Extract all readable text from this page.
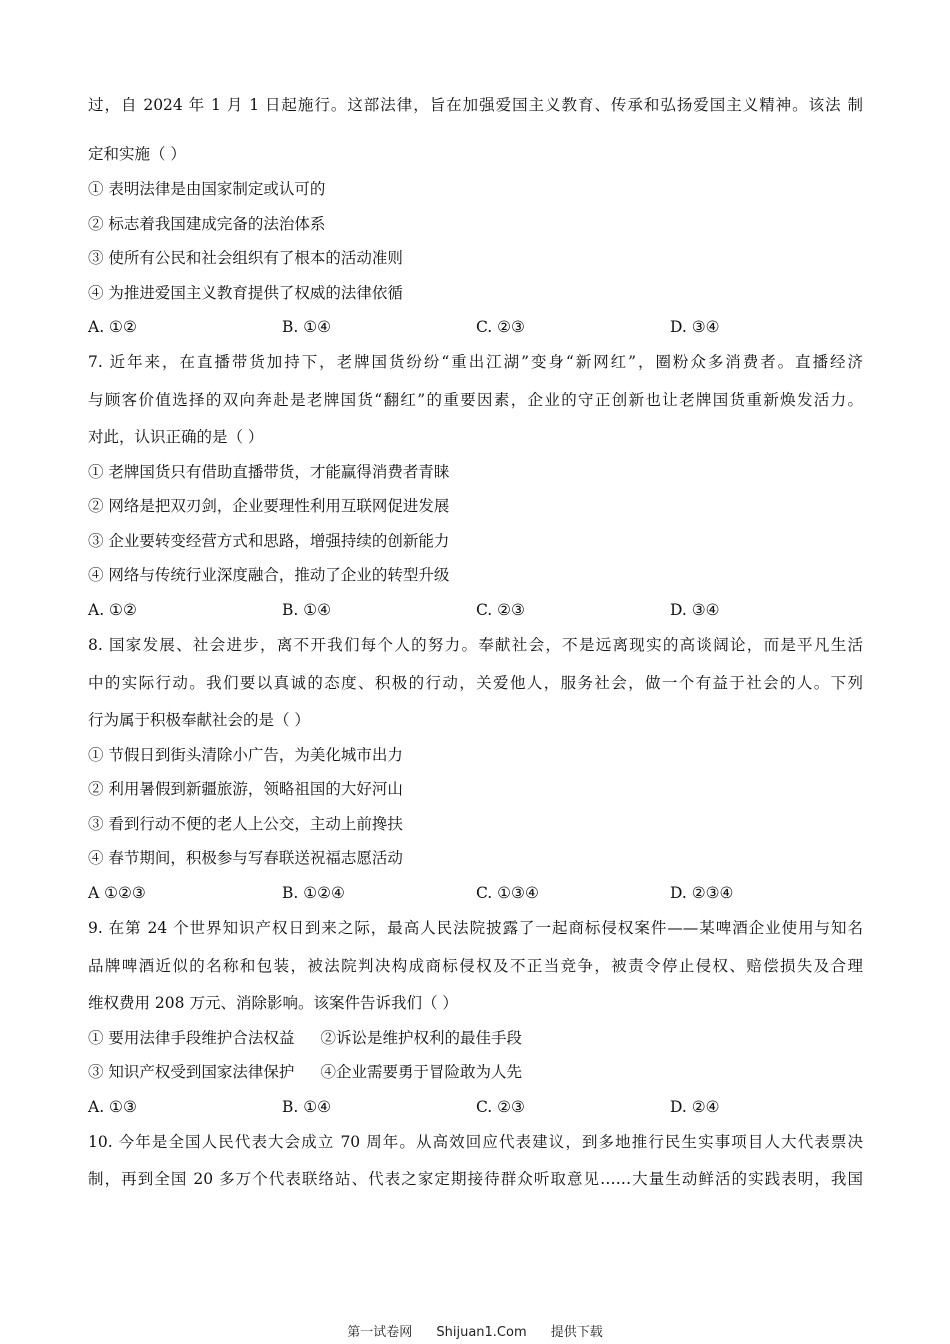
过，自 2024 年 1 月 1 日起施行。这部法律，旨在加强爱国主义教育、传承和弘扬爱国主义精神。该法 制
定和实施（ ）
① 表明法律是由国家制定或认可的
② 标志着我国建成完备的法治体系
③ 使所有公民和社会组织有了根本的活动准则
④ 为推进爱国主义教育提供了权威的法律依循
A. ①②	B. ①④	C. ②③	D. ③④
7. 近年来，在直播带货加持下，老牌国货纷纷“重出江湖”变身“新网红”，圈粉众多消费者。直播经济
与顾客价值选择的双向奔赴是老牌国货“翻红”的重要因素，企业的守正创新也让老牌国货重新焕发活力。
对此，认识正确的是（ ）
① 老牌国货只有借助直播带货，才能赢得消费者青睐
② 网络是把双刃剑，企业要理性利用互联网促进发展
③ 企业要转变经营方式和思路，增强持续的创新能力
④ 网络与传统行业深度融合，推动了企业的转型升级
A. ①②	B. ①④	C. ②③	D. ③④
8. 国家发展、社会进步，离不开我们每个人的努力。奉献社会，不是远离现实的高谈阔论，而是平凡生活
中的实际行动。我们要以真诚的态度、积极的行动，关爱他人，服务社会，做一个有益于社会的人。下列
行为属于积极奉献社会的是（ ）
① 节假日到街头清除小广告，为美化城市出力
② 利用暑假到新疆旅游，领略祖国的大好河山
③ 看到行动不便的老人上公交，主动上前搀扶
④ 春节期间，积极参与写春联送祝福志愿活动
A ①②③	B. ①②④	C. ①③④	D. ②③④
9. 在第 24 个世界知识产权日到来之际，最高人民法院披露了一起商标侵权案件——某啤酒企业使用与知名
品牌啤酒近似的名称和包装，被法院判决构成商标侵权及不正当竞争，被责令停止侵权、赔偿损失及合理
维权费用 208 万元、消除影响。该案件告诉我们（ ）
① 要用法律手段维护合法权益 ②诉讼是维护权利的最佳手段
③ 知识产权受到国家法律保护 ④企业需要勇于冒险敢为人先
A. ①③	B. ①④	C. ②③	D. ②④
10. 今年是全国人民代表大会成立 70 周年。从高效回应代表建议，到多地推行民生实事项目人大代表票决
制，再到全国 20 多万个代表联络站、代表之家定期接待群众听取意见……大量生动鲜活的实践表明，我国
第一试卷网 Shijuan1.Com 提供下载
